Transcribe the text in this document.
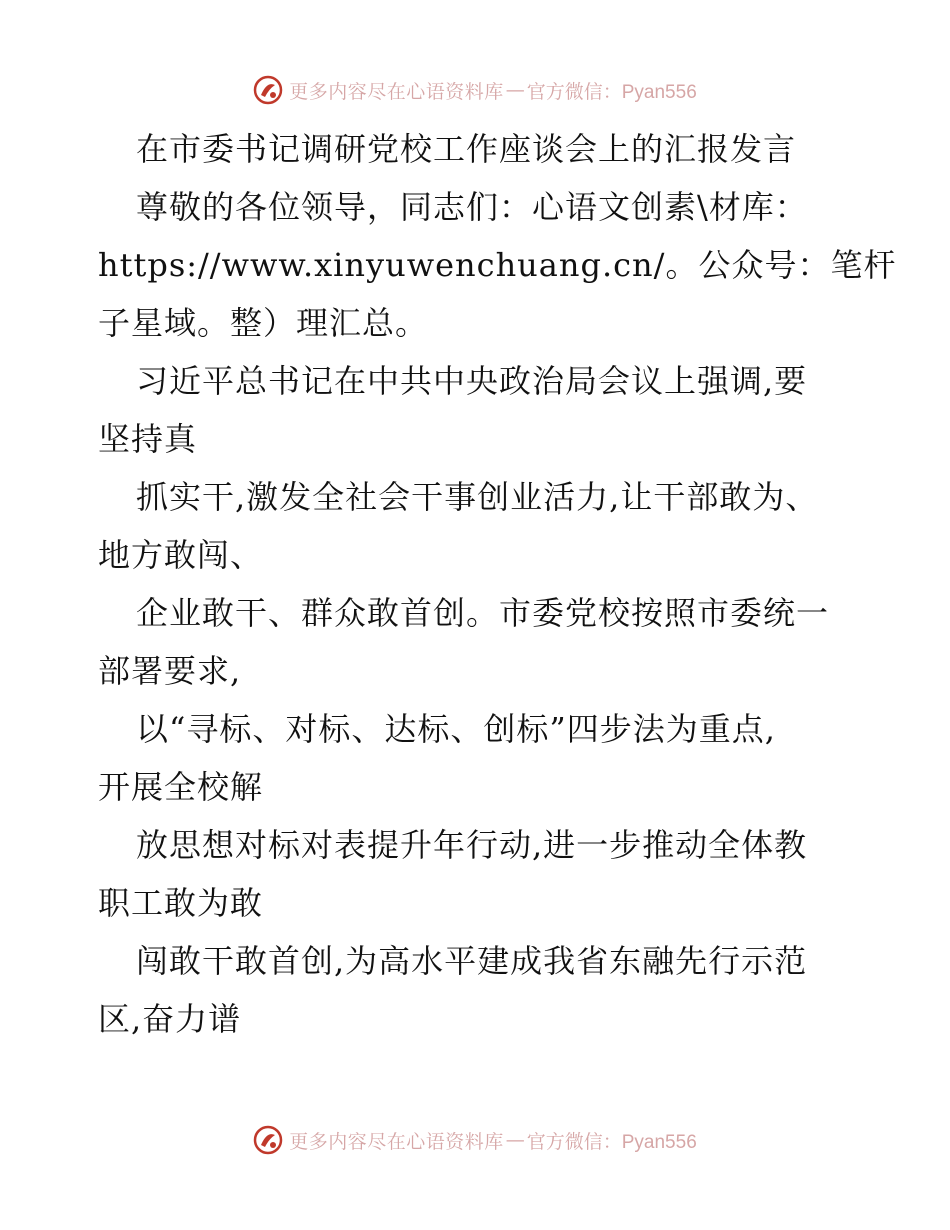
更多内容尽在心语资料库 — 官方微信：Pyan556
在市委书记调研党校工作座谈会上的汇报发言
尊敬的各位领导，同志们：心语文创素\材库：
https://www.xinyuwenchuang.cn/。公众号：笔杆
子星域。整）理汇总。
习近平总书记在中共中央政治局会议上强调,要
坚持真
抓实干,激发全社会干事创业活力,让干部敢为、
地方敢闯、
企业敢干、群众敢首创。市委党校按照市委统一
部署要求,
以“寻标、对标、达标、创标”四步法为重点,
开展全校解
放思想对标对表提升年行动,进一步推动全体教
职工敢为敢
闯敢干敢首创,为高水平建成我省东融先行示范
区,奋力谱
更多内容尽在心语资料库 — 官方微信：Pyan556
